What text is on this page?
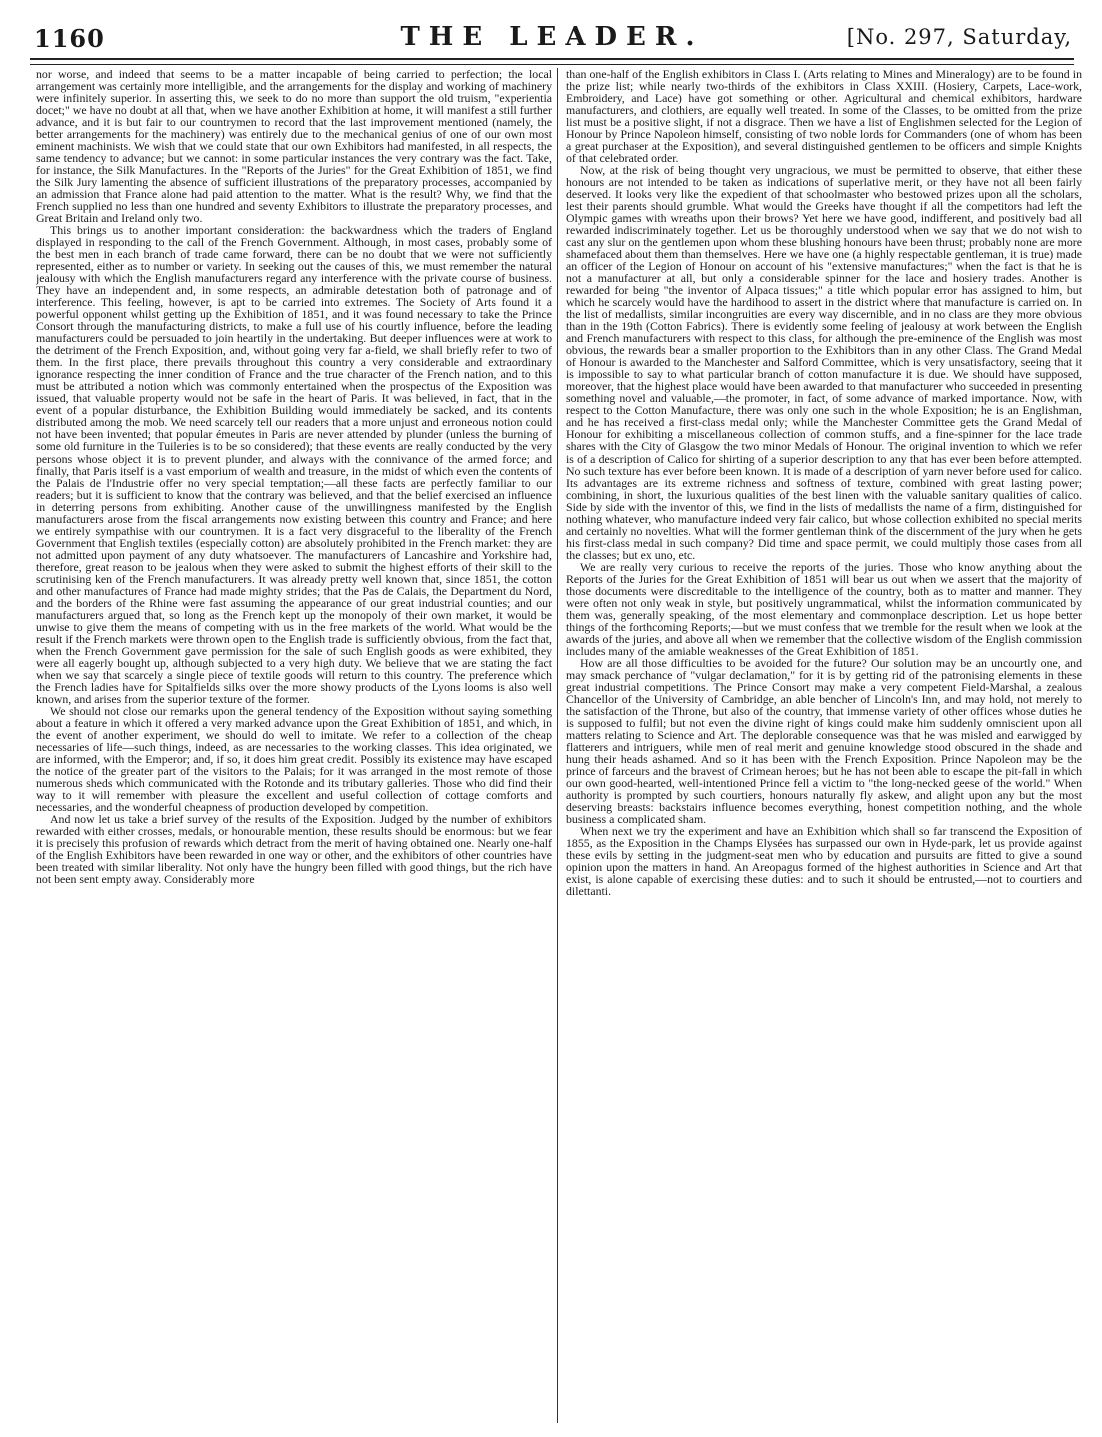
1160	THE LEADER.	[No. 297, Saturday,

nor worse, and indeed that seems to be a matter incapable of being carried to perfection; the local arrangement was certainly more intelligible, and the arrangements for the display and working of machinery were infinitely superior. In asserting this, we seek to do no more than support the old truism, "experientia docet;" we have no doubt at all that, when we have another Exhibition at home, it will manifest a still further advance, and it is but fair to our countrymen to record that the last improvement mentioned (namely, the better arrangements for the machinery) was entirely due to the mechanical genius of one of our own most eminent machinists. We wish that we could state that our own Exhibitors had manifested, in all respects, the same tendency to advance; but we cannot: in some particular instances the very contrary was the fact. Take, for instance, the Silk Manufactures. In the "Reports of the Juries" for the Great Exhibition of 1851, we find the Silk Jury lamenting the absence of sufficient illustrations of the preparatory processes, accompanied by an admission that France alone had paid attention to the matter. What is the result? Why, we find that the French supplied no less than one hundred and seventy Exhibitors to illustrate the preparatory processes, and Great Britain and Ireland only two.

This brings us to another important consideration: the backwardness which the traders of England displayed in responding to the call of the French Government. Although, in most cases, probably some of the best men in each branch of trade came forward, there can be no doubt that we were not sufficiently represented, either as to number or variety. In seeking out the causes of this, we must remember the natural jealousy with which the English manufacturers regard any interference with the private course of business. They have an independent and, in some respects, an admirable detestation both of patronage and of interference. This feeling, however, is apt to be carried into extremes. The Society of Arts found it a powerful opponent whilst getting up the Exhibition of 1851, and it was found necessary to take the Prince Consort through the manufacturing districts, to make a full use of his courtly influence, before the leading manufacturers could be persuaded to join heartily in the undertaking. But deeper influences were at work to the detriment of the French Exposition, and, without going very far a-field, we shall briefly refer to two of them. In the first place, there prevails throughout this country a very considerable and extraordinary ignorance respecting the inner condition of France and the true character of the French nation, and to this must be attributed a notion which was commonly entertained when the prospectus of the Exposition was issued, that valuable property would not be safe in the heart of Paris. It was believed, in fact, that in the event of a popular disturbance, the Exhibition Building would immediately be sacked, and its contents distributed among the mob. We need scarcely tell our readers that a more unjust and erroneous notion could not have been invented; that popular émeutes in Paris are never attended by plunder (unless the burning of some old furniture in the Tuileries is to be so considered); that these events are really conducted by the very persons whose object it is to prevent plunder, and always with the connivance of the armed force; and finally, that Paris itself is a vast emporium of wealth and treasure, in the midst of which even the contents of the Palais de l'Industrie offer no very special temptation;—all these facts are perfectly familiar to our readers; but it is sufficient to know that the contrary was believed, and that the belief exercised an influence in deterring persons from exhibiting. Another cause of the unwillingness manifested by the English manufacturers arose from the fiscal arrangements now existing between this country and France; and here we entirely sympathise with our countrymen. It is a fact very disgraceful to the liberality of the French Government that English textiles (especially cotton) are absolutely prohibited in the French market: they are not admitted upon payment of any duty whatsoever. The manufacturers of Lancashire and Yorkshire had, therefore, great reason to be jealous when they were asked to submit the highest efforts of their skill to the scrutinising ken of the French manufacturers. It was already pretty well known that, since 1851, the cotton and other manufactures of France had made mighty strides; that the Pas de Calais, the Department du Nord, and the borders of the Rhine were fast assuming the appearance of our great industrial counties; and our manufacturers argued that, so long as the French kept up the monopoly of their own market, it would be unwise to give them the means of competing with us in the free markets of the world. What would be the result if the French markets were thrown open to the English trade is sufficiently obvious, from the fact that, when the French Government gave permission for the sale of such English goods as were exhibited, they were all eagerly bought up, although subjected to a very high duty. We believe that we are stating the fact when we say that scarcely a single piece of textile goods will return to this country. The preference which the French ladies have for Spitalfields silks over the more showy products of the Lyons looms is also well known, and arises from the superior texture of the former.

We should not close our remarks upon the general tendency of the Exposition without saying something about a feature in which it offered a very marked advance upon the Great Exhibition of 1851, and which, in the event of another experiment, we should do well to imitate. We refer to a collection of the cheap necessaries of life—such things, indeed, as are necessaries to the working classes. This idea originated, we are informed, with the Emperor; and, if so, it does him great credit. Possibly its existence may have escaped the notice of the greater part of the visitors to the Palais; for it was arranged in the most remote of those numerous sheds which communicated with the Rotonde and its tributary galleries. Those who did find their way to it will remember with pleasure the excellent and useful collection of cottage comforts and necessaries, and the wonderful cheapness of production developed by competition.

And now let us take a brief survey of the results of the Exposition. Judged by the number of exhibitors rewarded with either crosses, medals, or honourable mention, these results should be enormous: but we fear it is precisely this profusion of rewards which detract from the merit of having obtained one. Nearly one-half of the English Exhibitors have been rewarded in one way or other, and the exhibitors of other countries have been treated with similar liberality. Not only have the hungry been filled with good things, but the rich have not been sent empty away. Considerably more

than one-half of the English exhibitors in Class I. (Arts relating to Mines and Mineralogy) are to be found in the prize list; while nearly two-thirds of the exhibitors in Class XXIII. (Hosiery, Carpets, Lace-work, Embroidery, and Lace) have got something or other. Agricultural and chemical exhibitors, hardware manufacturers, and clothiers, are equally well treated. In some of the Classes, to be omitted from the prize list must be a positive slight, if not a disgrace. Then we have a list of Englishmen selected for the Legion of Honour by Prince Napoleon himself, consisting of two noble lords for Commanders (one of whom has been a great purchaser at the Exposition), and several distinguished gentlemen to be officers and simple Knights of that celebrated order.

Now, at the risk of being thought very ungracious, we must be permitted to observe, that either these honours are not intended to be taken as indications of superlative merit, or they have not all been fairly deserved. It looks very like the expedient of that schoolmaster who bestowed prizes upon all the scholars, lest their parents should grumble. What would the Greeks have thought if all the competitors had left the Olympic games with wreaths upon their brows? Yet here we have good, indifferent, and positively bad all rewarded indiscriminately together. Let us be thoroughly understood when we say that we do not wish to cast any slur on the gentlemen upon whom these blushing honours have been thrust; probably none are more shamefaced about them than themselves. Here we have one (a highly respectable gentleman, it is true) made an officer of the Legion of Honour on account of his "extensive manufactures;" when the fact is that he is not a manufacturer at all, but only a considerable spinner for the lace and hosiery trades. Another is rewarded for being "the inventor of Alpaca tissues;" a title which popular error has assigned to him, but which he scarcely would have the hardihood to assert in the district where that manufacture is carried on. In the list of medallists, similar incongruities are every way discernible, and in no class are they more obvious than in the 19th (Cotton Fabrics). There is evidently some feeling of jealousy at work between the English and French manufacturers with respect to this class, for although the pre-eminence of the English was most obvious, the rewards bear a smaller proportion to the Exhibitors than in any other Class. The Grand Medal of Honour is awarded to the Manchester and Salford Committee, which is very unsatisfactory, seeing that it is impossible to say to what particular branch of cotton manufacture it is due. We should have supposed, moreover, that the highest place would have been awarded to that manufacturer who succeeded in presenting something novel and valuable,—the promoter, in fact, of some advance of marked importance. Now, with respect to the Cotton Manufacture, there was only one such in the whole Exposition; he is an Englishman, and he has received a first-class medal only; while the Manchester Committee gets the Grand Medal of Honour for exhibiting a miscellaneous collection of common stuffs, and a fine-spinner for the lace trade shares with the City of Glasgow the two minor Medals of Honour. The original invention to which we refer is of a description of Calico for shirting of a superior description to any that has ever been before attempted. No such texture has ever before been known. It is made of a description of yarn never before used for calico. Its advantages are its extreme richness and softness of texture, combined with great lasting power; combining, in short, the luxurious qualities of the best linen with the valuable sanitary qualities of calico. Side by side with the inventor of this, we find in the lists of medallists the name of a firm, distinguished for nothing whatever, who manufacture indeed very fair calico, but whose collection exhibited no special merits and certainly no novelties. What will the former gentleman think of the discernment of the jury when he gets his first-class medal in such company? Did time and space permit, we could multiply those cases from all the classes; but ex uno, etc.

We are really very curious to receive the reports of the juries. Those who know anything about the Reports of the Juries for the Great Exhibition of 1851 will bear us out when we assert that the majority of those documents were discreditable to the intelligence of the country, both as to matter and manner. They were often not only weak in style, but positively ungrammatical, whilst the information communicated by them was, generally speaking, of the most elementary and commonplace description. Let us hope better things of the forthcoming Reports;—but we must confess that we tremble for the result when we look at the awards of the juries, and above all when we remember that the collective wisdom of the English commission includes many of the amiable weaknesses of the Great Exhibition of 1851.

How are all those difficulties to be avoided for the future? Our solution may be an uncourtly one, and may smack perchance of "vulgar declamation," for it is by getting rid of the patronising elements in these great industrial competitions. The Prince Consort may make a very competent Field-Marshal, a zealous Chancellor of the University of Cambridge, an able bencher of Lincoln's Inn, and may hold, not merely to the satisfaction of the Throne, but also of the country, that immense variety of other offices whose duties he is supposed to fulfil; but not even the divine right of kings could make him suddenly omniscient upon all matters relating to Science and Art. The deplorable consequence was that he was misled and earwigged by flatterers and intriguers, while men of real merit and genuine knowledge stood obscured in the shade and hung their heads ashamed. And so it has been with the French Exposition. Prince Napoleon may be the prince of farceurs and the bravest of Crimean heroes; but he has not been able to escape the pit-fall in which our own good-hearted, well-intentioned Prince fell a victim to "the long-necked geese of the world." When authority is prompted by such courtiers, honours naturally fly askew, and alight upon any but the most deserving breasts: backstairs influence becomes everything, honest competition nothing, and the whole business a complicated sham.

When next we try the experiment and have an Exhibition which shall so far transcend the Exposition of 1855, as the Exposition in the Champs Elysées has surpassed our own in Hyde-park, let us provide against these evils by setting in the judgment-seat men who by education and pursuits are fitted to give a sound opinion upon the matters in hand. An Areopagus formed of the highest authorities in Science and Art that exist, is alone capable of exercising these duties: and to such it should be entrusted,—not to courtiers and dilettanti.
